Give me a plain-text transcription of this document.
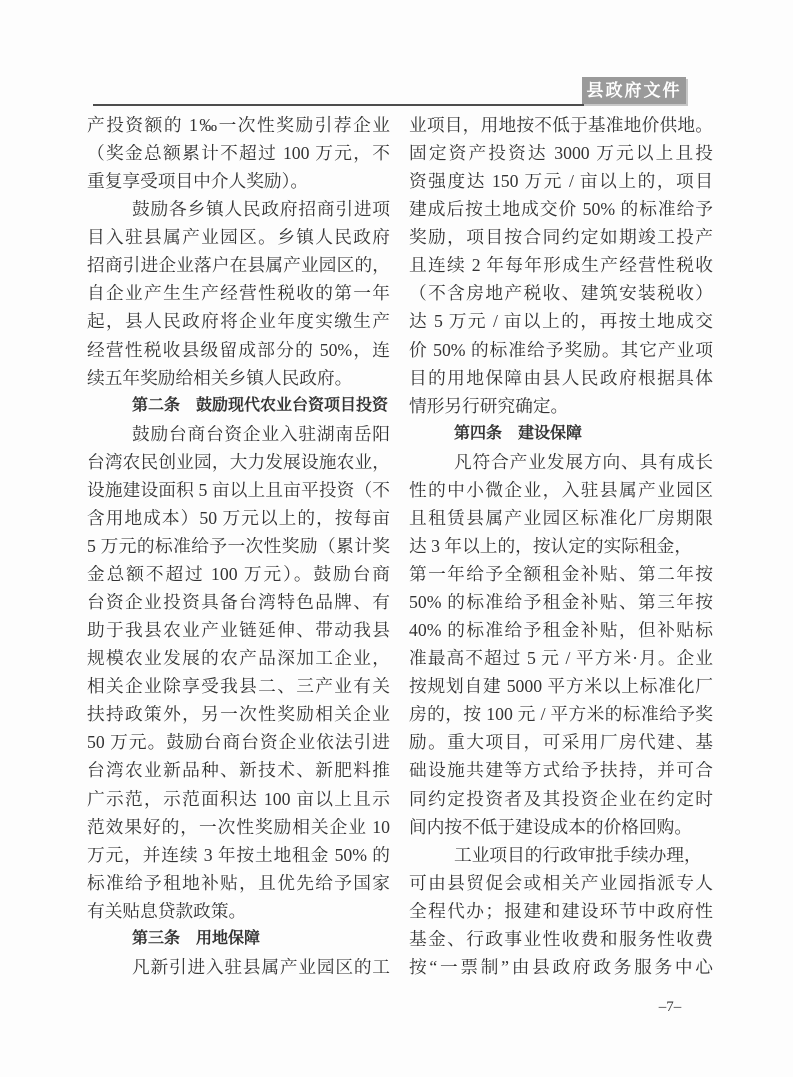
县政府文件
产投资额的 1‰一次性奖励引荐企业
（奖金总额累计不超过 100 万元，不
重复享受项目中介人奖励）。
鼓励各乡镇人民政府招商引进项
目入驻县属产业园区。乡镇人民政府
招商引进企业落户在县属产业园区的，
自企业产生生产经营性税收的第一年
起，县人民政府将企业年度实缴生产
经营性税收县级留成部分的 50%，连
续五年奖励给相关乡镇人民政府。
第二条　鼓励现代农业台资项目投资
鼓励台商台资企业入驻湖南岳阳
台湾农民创业园，大力发展设施农业，
设施建设面积 5 亩以上且亩平投资（不
含用地成本）50 万元以上的，按每亩
5 万元的标准给予一次性奖励（累计奖
金总额不超过 100 万元）。鼓励台商
台资企业投资具备台湾特色品牌、有
助于我县农业产业链延伸、带动我县
规模农业发展的农产品深加工企业，
相关企业除享受我县二、三产业有关
扶持政策外，另一次性奖励相关企业
50 万元。鼓励台商台资企业依法引进
台湾农业新品种、新技术、新肥料推
广示范，示范面积达 100 亩以上且示
范效果好的，一次性奖励相关企业 10
万元，并连续 3 年按土地租金 50% 的
标准给予租地补贴，且优先给予国家
有关贴息贷款政策。
第三条　用地保障
凡新引进入驻县属产业园区的工
业项目，用地按不低于基准地价供地。
固定资产投资达 3000 万元以上且投
资强度达 150 万元 / 亩以上的，项目
建成后按土地成交价 50% 的标准给予
奖励，项目按合同约定如期竣工投产
且连续 2 年每年形成生产经营性税收
（不含房地产税收、建筑安装税收）
达 5 万元 / 亩以上的，再按土地成交
价 50% 的标准给予奖励。其它产业项
目的用地保障由县人民政府根据具体
情形另行研究确定。
第四条　建设保障
凡符合产业发展方向、具有成长
性的中小微企业，入驻县属产业园区
且租赁县属产业园区标准化厂房期限
达 3 年以上的，按认定的实际租金，
第一年给予全额租金补贴、第二年按
50% 的标准给予租金补贴、第三年按
40% 的标准给予租金补贴，但补贴标
准最高不超过 5 元 / 平方米·月。企业
按规划自建 5000 平方米以上标准化厂
房的，按 100 元 / 平方米的标准给予奖
励。重大项目，可采用厂房代建、基
础设施共建等方式给予扶持，并可合
同约定投资者及其投资企业在约定时
间内按不低于建设成本的价格回购。
工业项目的行政审批手续办理，
可由县贸促会或相关产业园指派专人
全程代办；报建和建设环节中政府性
基金、行政事业性收费和服务性收费
按“一票制”由县政府政务服务中心
–7–
